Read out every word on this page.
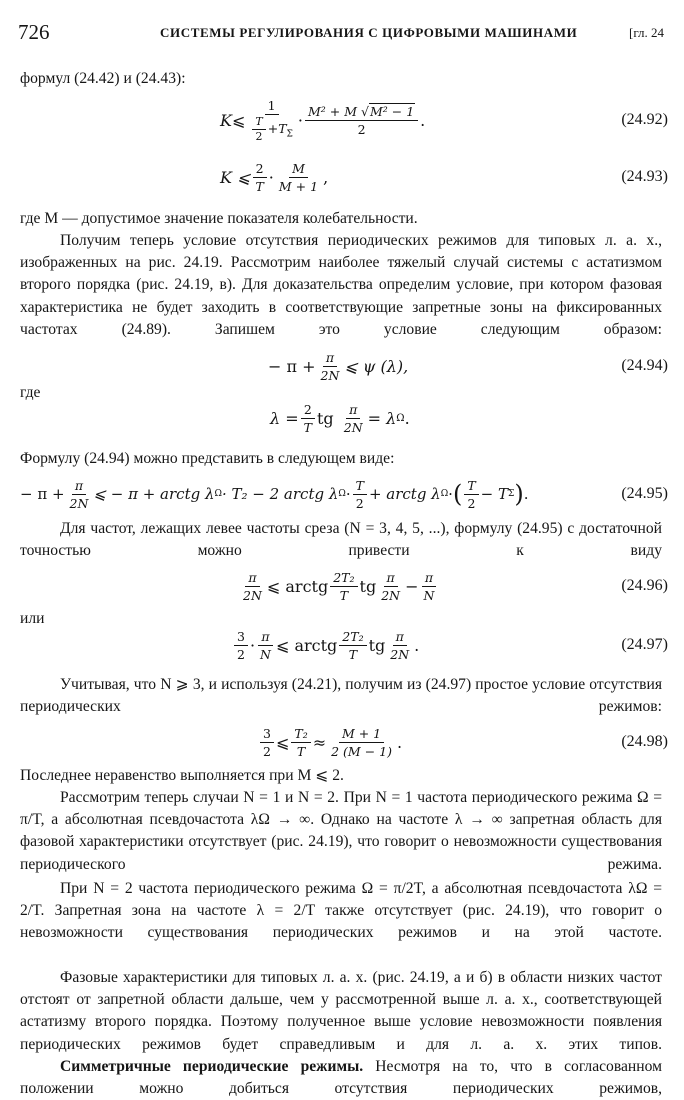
726	СИСТЕМЫ РЕГУЛИРОВАНИЯ С ЦИФРОВЫМИ МАШИНАМИ	[гл. 24

формул (24.42) и (24.43):

K ⩽ $\frac{1}{\frac{T}{2} +T_\Sigma} \cdot \frac{\text{M² + M √M² − 1}}{2}$ .	(24.92)
K ⩽ $\frac{2}{T} \cdot \frac{M}{M + 1}$ ,	(24.93)

где M — допустимое значение показателя колебательности.

Получим теперь условие отсутствия периодических режимов для типовых л. а. х., изображенных на рис. 24.19. Рассмотрим наиболее тяжелый случай системы с астатизмом второго порядка (рис. 24.19, в). Для доказательства определим условие, при котором фазовая характеристика не будет заходить в соответствующие запретные зоны на фиксированных частотах (24.89). Запишем это условие следующим образом:

− $\pi + \frac{\pi}{2N}$ ⩽ ψ (λ),	(24.94)

где

$\lambda = \frac{2}{T}$ tg
$\frac{\pi}{2N} = \lambda$ Ω .

Формулу (24.94) можно представить в следующем виде:

− $\pi + \frac{\pi}{2N}$ ⩽ − π + arctg λ Ω · T₂ − 2 arctg λ $\Omega \cdot \frac{T}{2}$ + arctg λ Ω · ( $\frac{T}{2} - T$ Σ ) .	(24.95)

Для частот, лежащих левее частоты среза (N = 3, 4, 5, ...), формулу (24.95) с достаточной точностью можно привести к виду

$\frac{\pi}{2N}$ ⩽ arctg $\frac{\text{2T₂}}{T}$ tg $\frac{\pi}{2N} - \frac{\pi}{N}$	(24.96)

или

$\frac{3}{2} \cdot \frac{\pi}{N}$ ⩽ arctg $\frac{\text{2T₂}}{T}$ tg $\frac{\pi}{2N}$ .	(24.97)

Учитывая, что N ⩾ 3, и используя (24.21), получим из (24.97) простое условие отсутствия периодических режимов:

$\frac{3}{2}$ ⩽ $\frac{\text{T₂}}{T} \approx \frac{M + 1}{2 (M - 1)}$ .	(24.98)

Последнее неравенство выполняется при M ⩽ 2.

Рассмотрим теперь случаи N = 1 и N = 2. При N = 1 частота периодического режима Ω = π/T, а абсолютная псевдочастота λΩ → ∞. Однако на частоте λ → ∞ запретная область для фазовой характеристики отсутствует (рис. 24.19), что говорит о невозможности существования периодического режима.

При N = 2 частота периодического режима Ω = π/2T, а абсолютная псевдочастота λΩ = 2/T. Запретная зона на частоте λ = 2/T также отсутствует (рис. 24.19), что говорит о невозможности существования периодических режимов и на этой частоте.

Фазовые характеристики для типовых л. а. х. (рис. 24.19, а и б) в области низких частот отстоят от запретной области дальше, чем у рассмотренной выше л. а. х., соответствующей астатизму второго порядка. Поэтому полученное выше условие невозможности появления периодических режимов будет справедливым и для л. а. х. этих типов.

Симметричные периодические режимы. Несмотря на то, что в согласованном положении можно добиться отсутствия периодических режимов,
